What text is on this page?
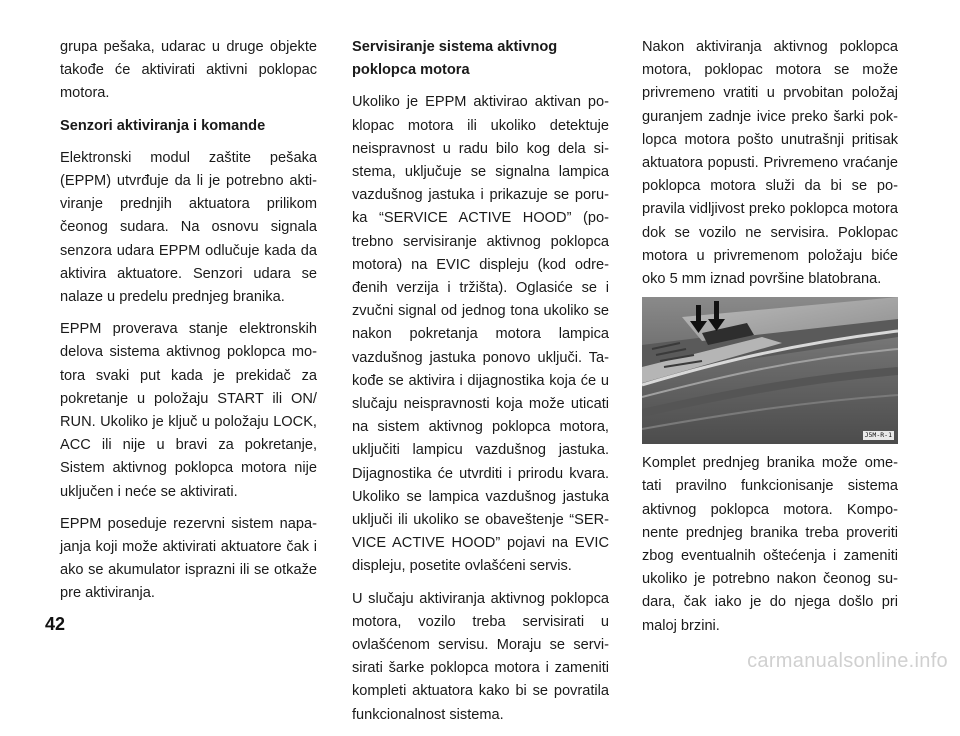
grupa pešaka, udarac u druge objekte takođe će aktivirati aktivni poklopac motora.

Senzori aktiviranja i komande

Elektronski modul zaštite pešaka (EPPM) utvrđuje da li je potrebno aktiviranje prednjih aktuatora prilikom čeonog sudara. Na osnovu signala senzora udara EPPM odlučuje kada da aktivira aktuatore. Senzori udara se nalaze u predelu prednjeg branika.

EPPM proverava stanje elektronskih delova sistema aktivnog poklopca motora svaki put kada je prekidač za pokretanje u položaju START ili ON/ RUN. Ukoliko je ključ u položaju LOCK, ACC ili nije u bravi za pokretanje, Sistem aktivnog poklopca motora nije uključen i neće se aktivirati.

EPPM poseduje rezervni sistem napajanja koji može aktivirati aktuatore čak i ako se akumulator isprazni ili se otkaže pre aktiviranja.

Servisiranje sistema aktivnog poklopca motora

Ukoliko je EPPM aktivirao aktivan poklopac motora ili ukoliko detektuje neispravnost u radu bilo kog dela sistema, uključuje se signalna lampica vazdušnog jastuka i prikazuje se poruka “SERVICE ACTIVE HOOD” (potrebno servisiranje aktivnog poklopca motora) na EVIC displeju (kod određenih verzija i tržišta). Oglasiće se i zvučni signal od jednog tona ukoliko se nakon pokretanja motora lampica vazdušnog jastuka ponovo uključi. Takođe se aktivira i dijagnostika koja će u slučaju neispravnosti koja može uticati na sistem aktivnog poklopca motora, uključiti lampicu vazdušnog jastuka. Dijagnostika će utvrditi i prirodu kvara. Ukoliko se lampica vazdušnog jastuka uključi ili ukoliko se obaveštenje “SERVICE ACTIVE HOOD” pojavi na EVIC displeju, posetite ovlašćeni servis.

U slučaju aktiviranja aktivnog poklopca motora, vozilo treba servisirati u ovlašćenom servisu. Moraju se servisirati šarke poklopca motora i zameniti kompleti aktuatora kako bi se povratila funkcionalnost sistema.

Nakon aktiviranja aktivnog poklopca motora, poklopac motora se može privremeno vratiti u prvobitan položaj guranjem zadnje ivice preko šarki poklopca motora pošto unutrašnji pritisak aktuatora popusti. Privremeno vraćanje poklopca motora služi da bi se popravila vidljivost preko poklopca motora dok se vozilo ne servisira. Poklopac motora u privremenom položaju biće oko 5 mm iznad površine blatobrana.

J5M-R-1

Komplet prednjeg branika može ometati pravilno funkcionisanje sistema aktivnog poklopca motora. Komponente prednjeg branika treba proveriti zbog eventualnih oštećenja i zameniti ukoliko je potrebno nakon čeonog sudara, čak iako je do njega došlo pri maloj brzini.

42
carmanualsonline.info
